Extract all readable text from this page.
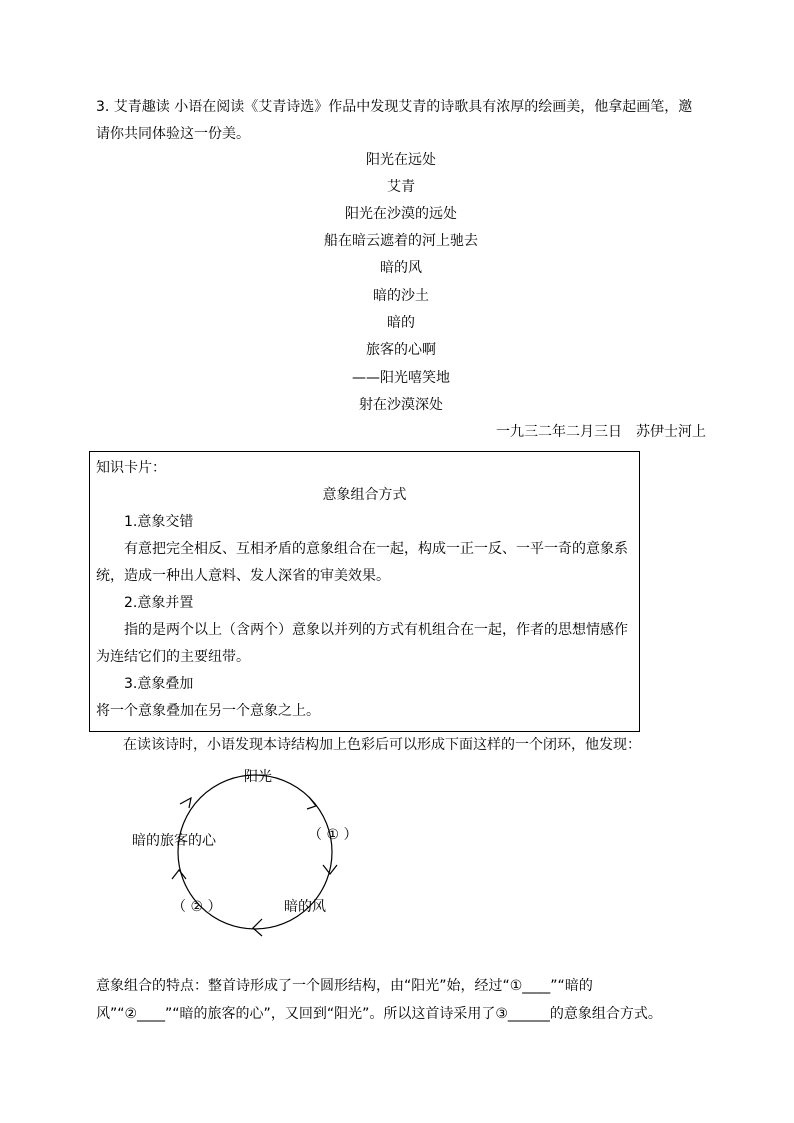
3. 艾青趣读 小语在阅读《艾青诗选》作品中发现艾青的诗歌具有浓厚的绘画美，他拿起画笔，邀请你共同体验这一份美。
阳光在远处
艾青
阳光在沙漠的远处
船在暗云遮着的河上驰去
暗的风
暗的沙土
暗的
旅客的心啊
——阳光嘻笑地
射在沙漠深处
一九三二年二月三日　苏伊士河上
知识卡片：
意象组合方式
1.意象交错
有意把完全相反、互相矛盾的意象组合在一起，构成一正一反、一平一奇的意象系
统，造成一种出人意料、发人深省的审美效果。
2.意象并置
指的是两个以上（含两个）意象以并列的方式有机组合在一起，作者的思想情感作
为连结它们的主要纽带。
3.意象叠加
将一个意象叠加在另一个意象之上。
在读该诗时，小语发现本诗结构加上色彩后可以形成下面这样的一个闭环，他发现：
阳光
（ ① ）
暗的旅客的心
（ ② ）	暗的风
意象组合的特点：整首诗形成了一个圆形结构，由“阳光”始，经过“①____”“暗的
风”“②____”“暗的旅客的心”，又回到“阳光”。所以这首诗采用了③______的意象组合方式。
